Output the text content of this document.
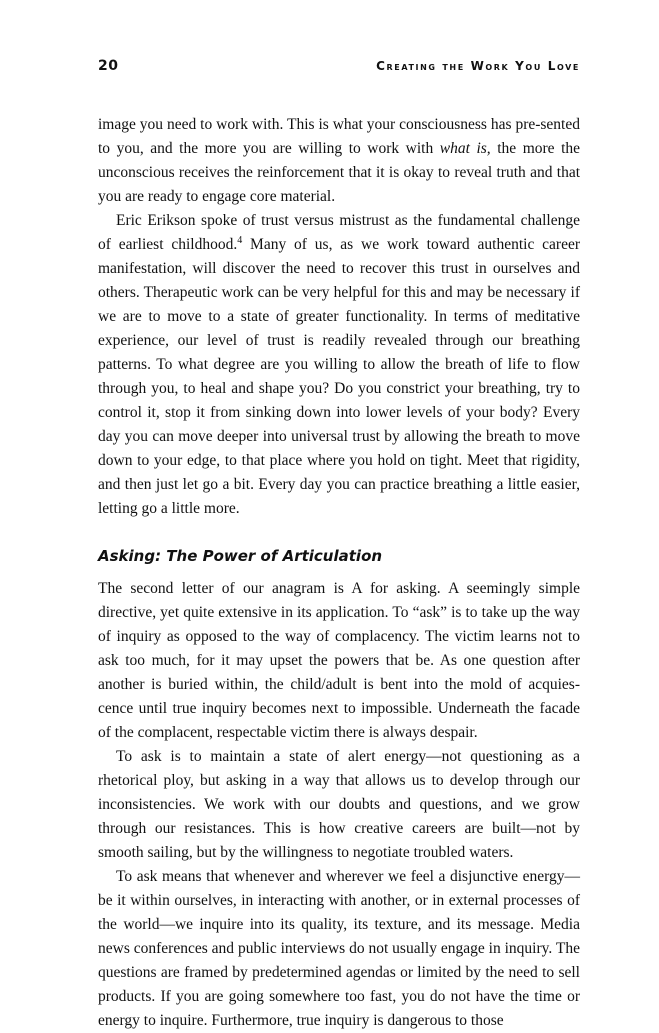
20	Creating the Work You Love

image you need to work with. This is what your consciousness has pre-sented to you, and the more you are willing to work with what is, the more the unconscious receives the reinforcement that it is okay to reveal truth and that you are ready to engage core material.

Eric Erikson spoke of trust versus mistrust as the fundamental challenge of earliest childhood.$^4$ Many of us, as we work toward authentic career manifestation, will discover the need to recover this trust in ourselves and others. Therapeutic work can be very helpful for this and may be necessary if we are to move to a state of greater functionality. In terms of meditative experience, our level of trust is readily revealed through our breathing patterns. To what degree are you willing to allow the breath of life to flow through you, to heal and shape you? Do you constrict your breathing, try to control it, stop it from sinking down into lower levels of your body? Every day you can move deeper into universal trust by allowing the breath to move down to your edge, to that place where you hold on tight. Meet that rigidity, and then just let go a bit. Every day you can practice breathing a little easier, letting go a little more.

Asking: The Power of Articulation

The second letter of our anagram is A for asking. A seemingly simple directive, yet quite extensive in its application. To “ask” is to take up the way of inquiry as opposed to the way of complacency. The victim learns not to ask too much, for it may upset the powers that be. As one question after another is buried within, the child/adult is bent into the mold of acquies-cence until true inquiry becomes next to impossible. Underneath the facade of the complacent, respectable victim there is always despair.

To ask is to maintain a state of alert energy—not questioning as a rhetorical ploy, but asking in a way that allows us to develop through our inconsistencies. We work with our doubts and questions, and we grow through our resistances. This is how creative careers are built—not by smooth sailing, but by the willingness to negotiate troubled waters.

To ask means that whenever and wherever we feel a disjunctive energy—be it within ourselves, in interacting with another, or in external processes of the world—we inquire into its quality, its texture, and its message. Media news conferences and public interviews do not usually engage in inquiry. The questions are framed by predetermined agendas or limited by the need to sell products. If you are going somewhere too fast, you do not have the time or energy to inquire. Furthermore, true inquiry is dangerous to those
